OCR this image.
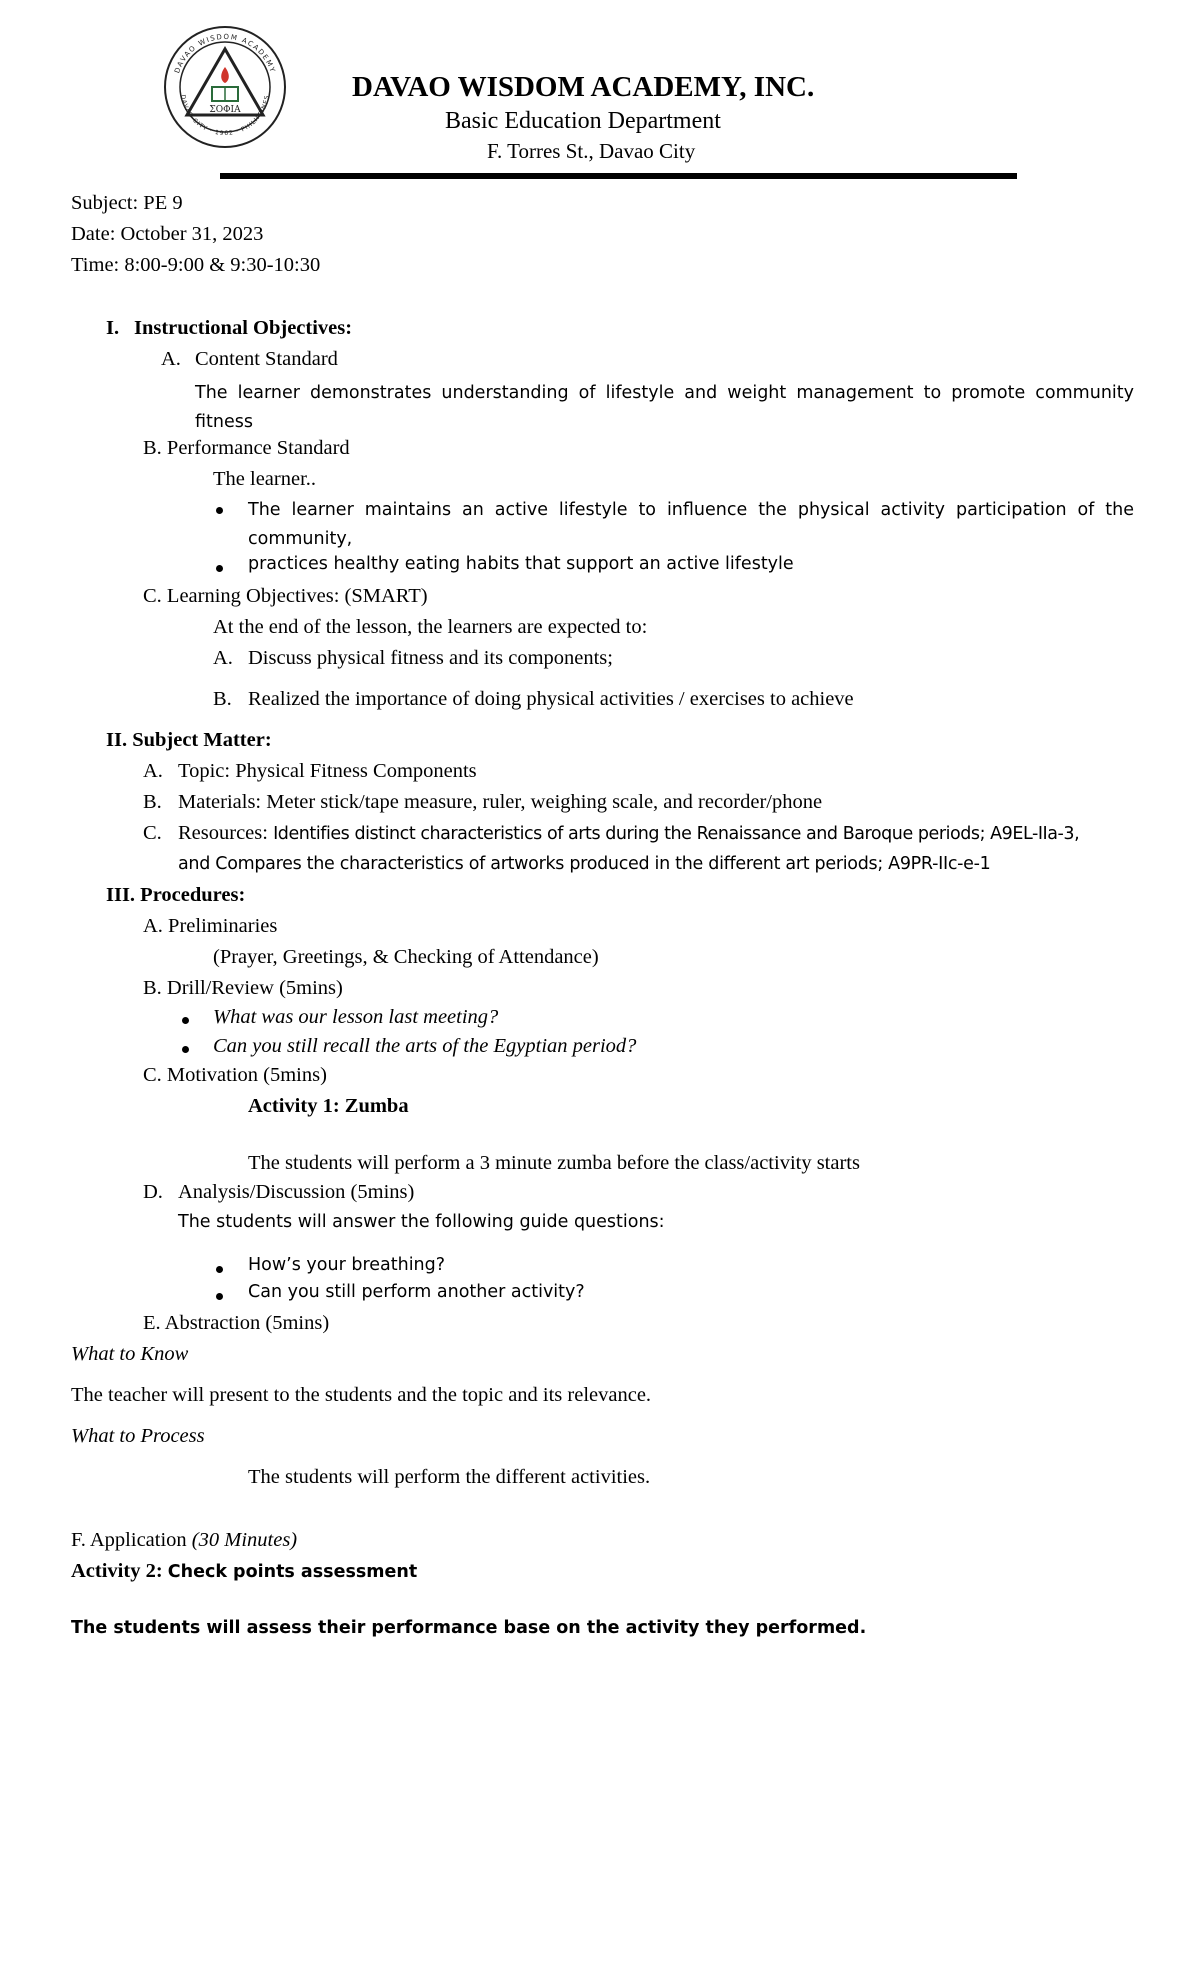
ΣΟΦΙΑ
DAVAO WISDOM ACADEMY
DAVAO CITY · 1962 · PHILIPPINES	DAVAO WISDOM ACADEMY, INC.
Basic Education Department
F. Torres St., Davao City
Subject: PE 9
Date: October 31, 2023
Time: 8:00-9:00 & 9:30-10:30
I. Instructional Objectives:
A. Content Standard
The learner demonstrates understanding of lifestyle and weight management to promote community fitness
B. Performance Standard
The learner..
The learner maintains an active lifestyle to influence the physical activity participation of the community,
practices healthy eating habits that support an active lifestyle
C. Learning Objectives: (SMART)
At the end of the lesson, the learners are expected to:
A. Discuss physical fitness and its components;
B. Realized the importance of doing physical activities / exercises to achieve
II. Subject Matter:
A. Topic: Physical Fitness Components
B. Materials: Meter stick/tape measure, ruler, weighing scale, and recorder/phone
C. Resources: Identifies distinct characteristics of arts during the Renaissance and Baroque periods; A9EL-IIa-3,
and Compares the characteristics of artworks produced in the different art periods; A9PR-IIc-e-1
III. Procedures:
A. Preliminaries
(Prayer, Greetings, & Checking of Attendance)
B. Drill/Review (5mins)
What was our lesson last meeting?
Can you still recall the arts of the Egyptian period?
C. Motivation (5mins)
Activity 1: Zumba
The students will perform a 3 minute zumba before the class/activity starts
D. Analysis/Discussion (5mins)
The students will answer the following guide questions:
How’s your breathing?
Can you still perform another activity?
E. Abstraction (5mins)
What to Know
The teacher will present to the students and the topic and its relevance.
What to Process
The students will perform the different activities.
F. Application (30 Minutes)
Activity 2: Check points assessment
The students will assess their performance base on the activity they performed.
